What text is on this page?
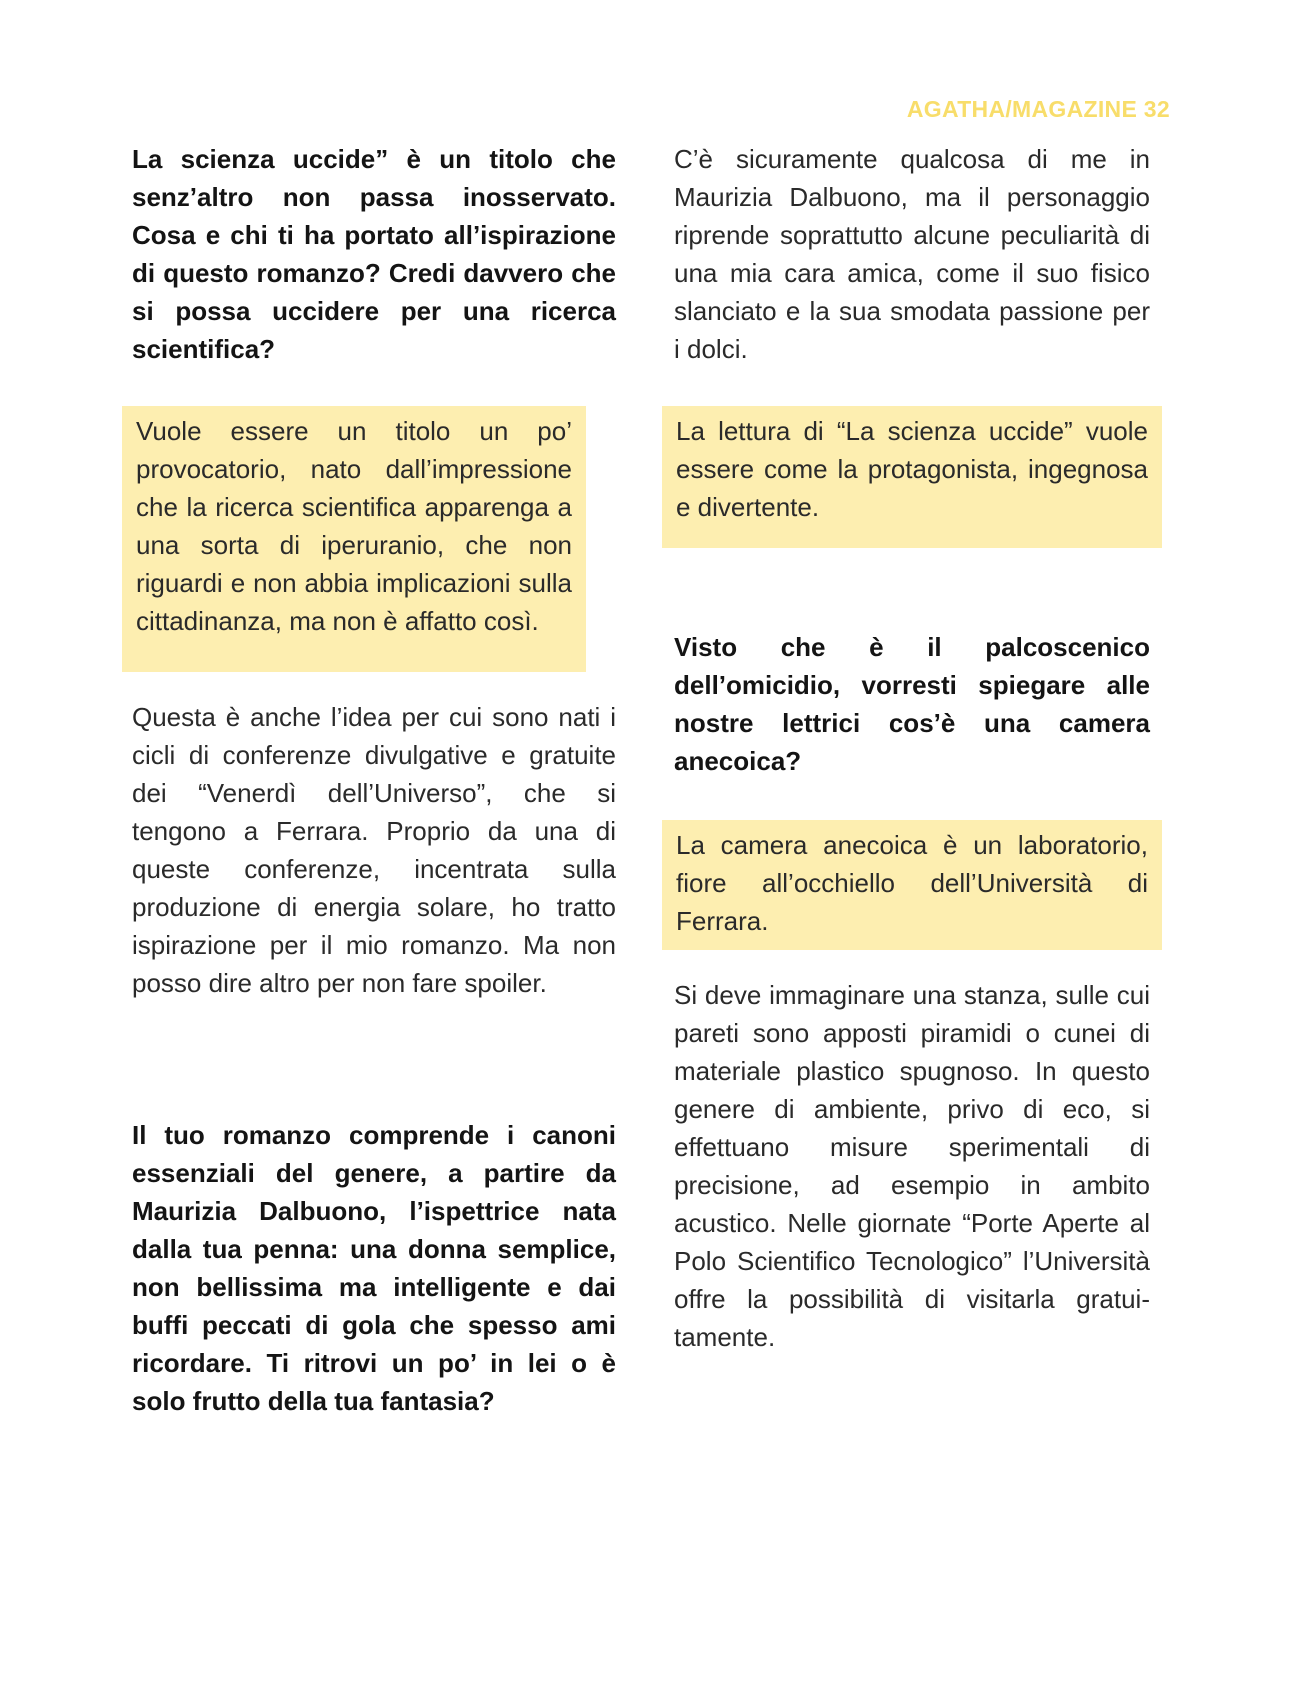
AGATHA/MAGAZINE 32

La scienza uccide” è un titolo che senz’altro non passa inosservato. Cosa e chi ti ha portato all’ispirazione di questo romanzo? Credi davvero che si possa uccidere per una ricerca scientifica?

Vuole essere un titolo un po’ provocatorio, nato dall’impressione che la ricerca scientifica apparenga a una sorta di iperuranio, che non riguardi e non abbia implicazioni sulla cittadinanza, ma non è affatto così.

Questa è anche l’idea per cui sono nati i cicli di conferenze divulgative e gratuite dei “Venerdì dell’Universo”, che si tengono a Ferrara. Proprio da una di queste conferenze, incentrata sulla produzione di energia solare, ho tratto ispirazione per il mio romanzo. Ma non posso dire altro per non fare spoiler.

Il tuo romanzo comprende i canoni essenziali del genere, a partire da Maurizia Dalbuono, l’ispettrice nata dalla tua penna: una donna semplice, non bellissima ma intelligente e dai buffi peccati di gola che spesso ami ricordare. Ti ritrovi un po’ in lei o è solo frutto della tua fantasia?

C’è sicuramente qualcosa di me in Maurizia Dalbuono, ma il personaggio riprende soprattutto alcune peculiarità di una mia cara amica, come il suo fisico slanciato e la sua smodata passione per i dolci.

La lettura di “La scienza uccide” vuole essere come la protagonista, ingegnosa e divertente.

Visto che è il palcoscenico dell’omicidio, vorresti spiegare alle nostre lettrici cos’è una camera anecoica?

La camera anecoica è un laboratorio, fiore all’occhiello dell’Università di Ferrara.

Si deve immaginare una stanza, sulle cui pareti sono apposti piramidi o cunei di materiale plastico spugnoso. In questo genere di ambiente, privo di eco, si effettuano misure sperimentali di precisione, ad esempio in ambito acustico. Nelle giornate “Porte Aperte al Polo Scientifico Tecnologico” l’Università offre la possibilità di visitarla gratuitamente.
